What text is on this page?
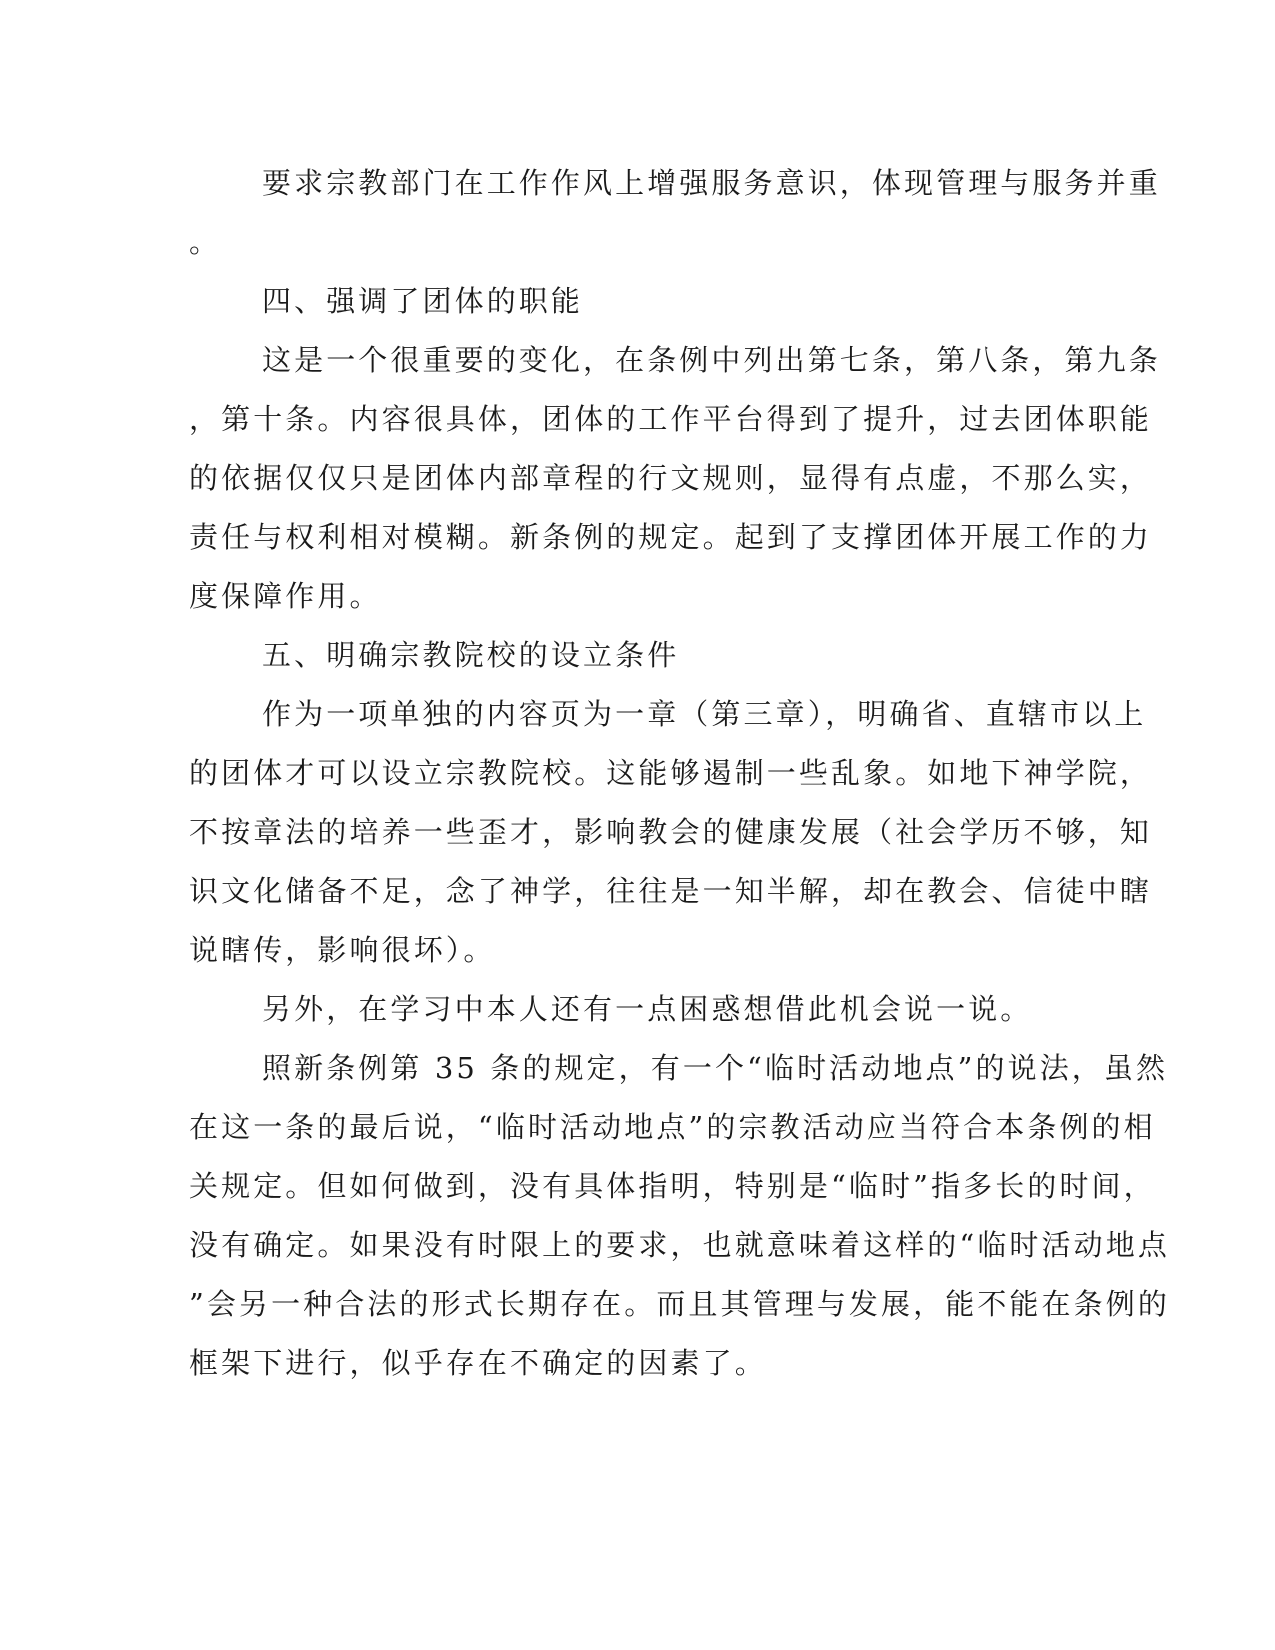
要求宗教部门在工作作风上增强服务意识，体现管理与服务并重
。
四、强调了团体的职能
这是一个很重要的变化，在条例中列出第七条，第八条，第九条
，第十条。内容很具体，团体的工作平台得到了提升，过去团体职能
的依据仅仅只是团体内部章程的行文规则，显得有点虚，不那么实，
责任与权利相对模糊。新条例的规定。起到了支撑团体开展工作的力
度保障作用。
五、明确宗教院校的设立条件
作为一项单独的内容页为一章（第三章），明确省、直辖市以上
的团体才可以设立宗教院校。这能够遏制一些乱象。如地下神学院，
不按章法的培养一些歪才，影响教会的健康发展（社会学历不够，知
识文化储备不足，念了神学，往往是一知半解，却在教会、信徒中瞎
说瞎传，影响很坏）。
另外，在学习中本人还有一点困惑想借此机会说一说。
照新条例第 35 条的规定，有一个“临时活动地点”的说法，虽然
在这一条的最后说，“临时活动地点”的宗教活动应当符合本条例的相
关规定。但如何做到，没有具体指明，特别是“临时”指多长的时间，
没有确定。如果没有时限上的要求，也就意味着这样的“临时活动地点
”会另一种合法的形式长期存在。而且其管理与发展，能不能在条例的
框架下进行，似乎存在不确定的因素了。
